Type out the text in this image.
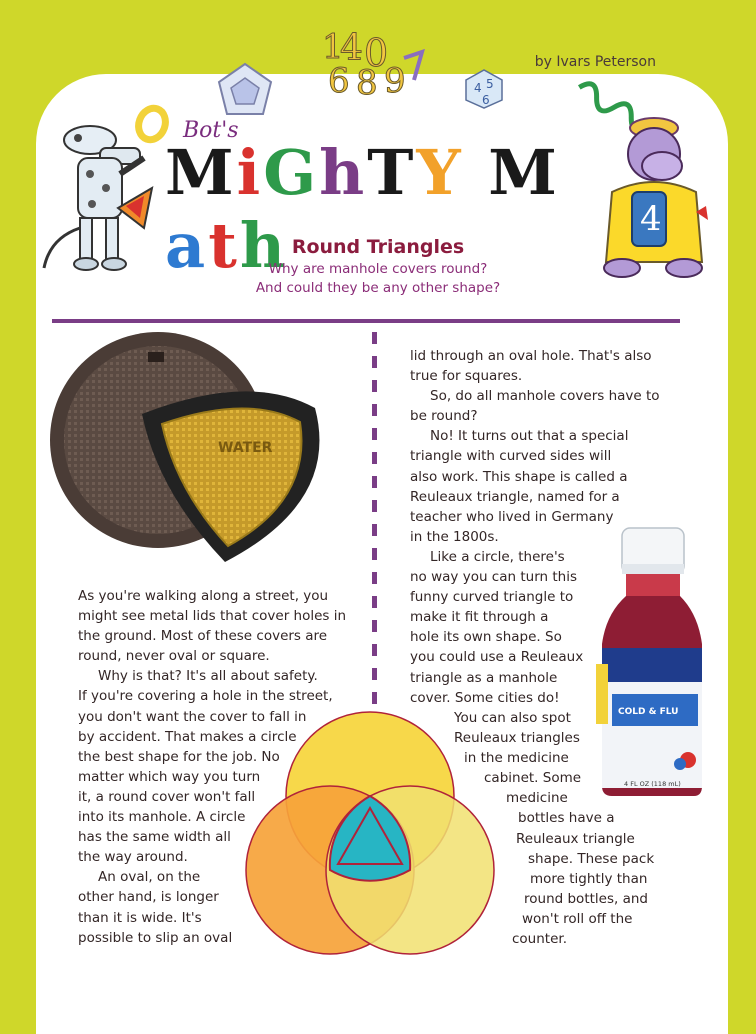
by Ivars Peterson
1
4 0
6 8 9	4 5
6
4
Bot's
MiGhTY Math Round Triangles
Why are manhole covers round?
And could they be any other shape?
WATER
As you're walking along a street, you
might see metal lids that cover holes in
the ground. Most of these covers are
round, never oval or square.
Why is that? It's all about safety.
If you're covering a hole in the street,
you don't want the cover to fall in
by accident. That makes a circle
the best shape for the job. No
matter which way you turn
it, a round cover won't fall
into its manhole. A circle
has the same width all
the way around.
An oval, on the
other hand, is longer
than it is wide. It's
possible to slip an oval
lid through an oval hole. That's also
true for squares.
So, do all manhole covers have to
be round?
No! It turns out that a special
triangle with curved sides will
also work. This shape is called a
Reuleaux triangle, named for a
teacher who lived in Germany
in the 1800s.
Like a circle, there's
no way you can turn this
funny curved triangle to
make it fit through a
hole its own shape. So
you could use a Reuleaux
triangle as a manhole
cover. Some cities do!
You can also spot
Reuleaux triangles
in the medicine
cabinet. Some
medicine
bottles have a
Reuleaux triangle
shape. These pack
more tightly than
round bottles, and
won't roll off the
counter.
COLD & FLU
4 FL OZ (118 mL)
